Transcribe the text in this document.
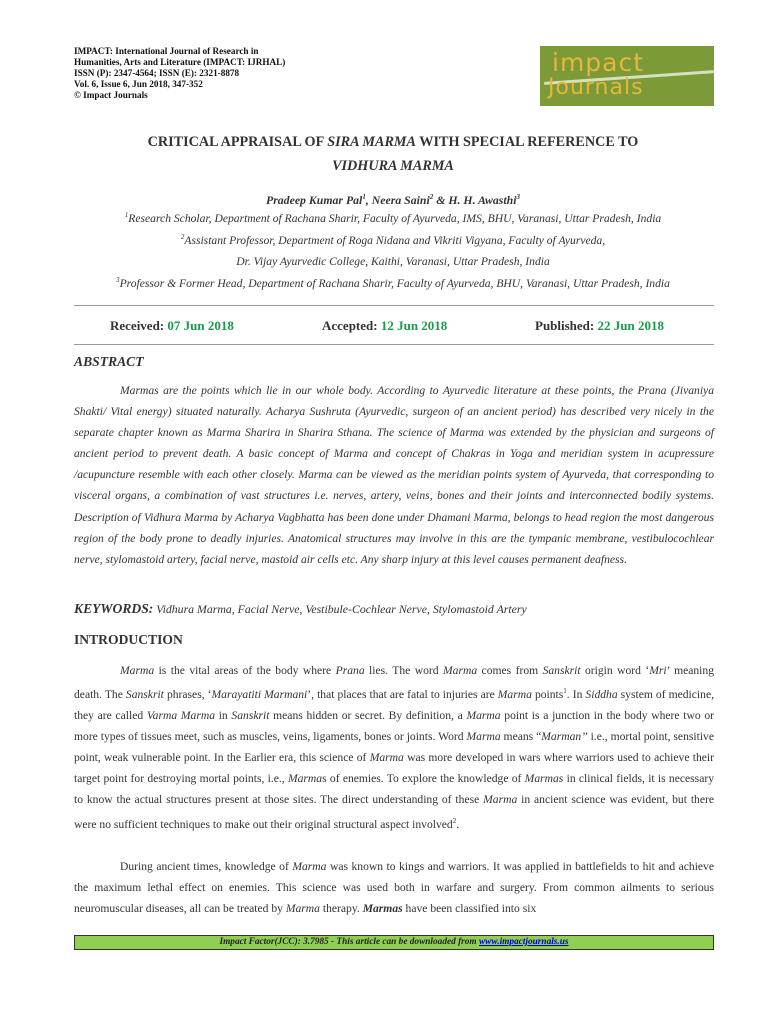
IMPACT: International Journal of Research in
Humanities, Arts and Literature (IMPACT: IJRHAL)
ISSN (P): 2347-4564; ISSN (E): 2321-8878
Vol. 6, Issue 6, Jun 2018, 347-352
© Impact Journals
impact
Journals
CRITICAL APPRAISAL OF SIRA MARMA WITH SPECIAL REFERENCE TO
VIDHURA MARMA
Pradeep Kumar Pal$^1$, Neera Saini$^2$ & H. H. Awasthi$^3$
$^1$Research Scholar, Department of Rachana Sharir, Faculty of Ayurveda, IMS, BHU, Varanasi, Uttar Pradesh, India
$^2$Assistant Professor, Department of Roga Nidana and Vikriti Vigyana, Faculty of Ayurveda,
Dr. Vijay Ayurvedic College, Kaithi, Varanasi, Uttar Pradesh, India
$^3$Professor & Former Head, Department of Rachana Sharir, Faculty of Ayurveda, BHU, Varanasi, Uttar Pradesh, India
Received: 07 Jun 2018	Accepted: 12 Jun 2018	Published: 22 Jun 2018
ABSTRACT
Marmas are the points which lie in our whole body. According to Ayurvedic literature at these points, the Prana (Jivaniya Shakti/ Vital energy) situated naturally. Acharya Sushruta (Ayurvedic, surgeon of an ancient period) has described very nicely in the separate chapter known as Marma Sharira in Sharira Sthana. The science of Marma was extended by the physician and surgeons of ancient period to prevent death. A basic concept of Marma and concept of Chakras in Yoga and meridian system in acupressure /acupuncture resemble with each other closely. Marma can be viewed as the meridian points system of Ayurveda, that corresponding to visceral organs, a combination of vast structures i.e. nerves, artery, veins, bones and their joints and interconnected bodily systems. Description of Vidhura Marma by Acharya Vagbhatta has been done under Dhamani Marma, belongs to head region the most dangerous region of the body prone to deadly injuries. Anatomical structures may involve in this are the tympanic membrane, vestibulocochlear nerve, stylomastoid artery, facial nerve, mastoid air cells etc. Any sharp injury at this level causes permanent deafness.
KEYWORDS: Vidhura Marma, Facial Nerve, Vestibule-Cochlear Nerve, Stylomastoid Artery
INTRODUCTION
Marma is the vital areas of the body where Prana lies. The word Marma comes from Sanskrit origin word ‘Mri’ meaning death. The Sanskrit phrases, ‘Marayatiti Marmani’, that places that are fatal to injuries are Marma points$^1$. In Siddha system of medicine, they are called Varma Marma in Sanskrit means hidden or secret. By definition, a Marma point is a junction in the body where two or more types of tissues meet, such as muscles, veins, ligaments, bones or joints. Word Marma means “Marman’’ i.e., mortal point, sensitive point, weak vulnerable point. In the Earlier era, this science of Marma was more developed in wars where warriors used to achieve their target point for destroying mortal points, i.e., Marmas of enemies. To explore the knowledge of Marmas in clinical fields, it is necessary to know the actual structures present at those sites. The direct understanding of these Marma in ancient science was evident, but there were no sufficient techniques to make out their original structural aspect involved$^2$.
During ancient times, knowledge of Marma was known to kings and warriors. It was applied in battlefields to hit and achieve the maximum lethal effect on enemies. This science was used both in warfare and surgery. From common ailments to serious neuromuscular diseases, all can be treated by Marma therapy. Marmas have been classified into six
Impact Factor(JCC): 3.7985 - This article can be downloaded from www.impactjournals.us
